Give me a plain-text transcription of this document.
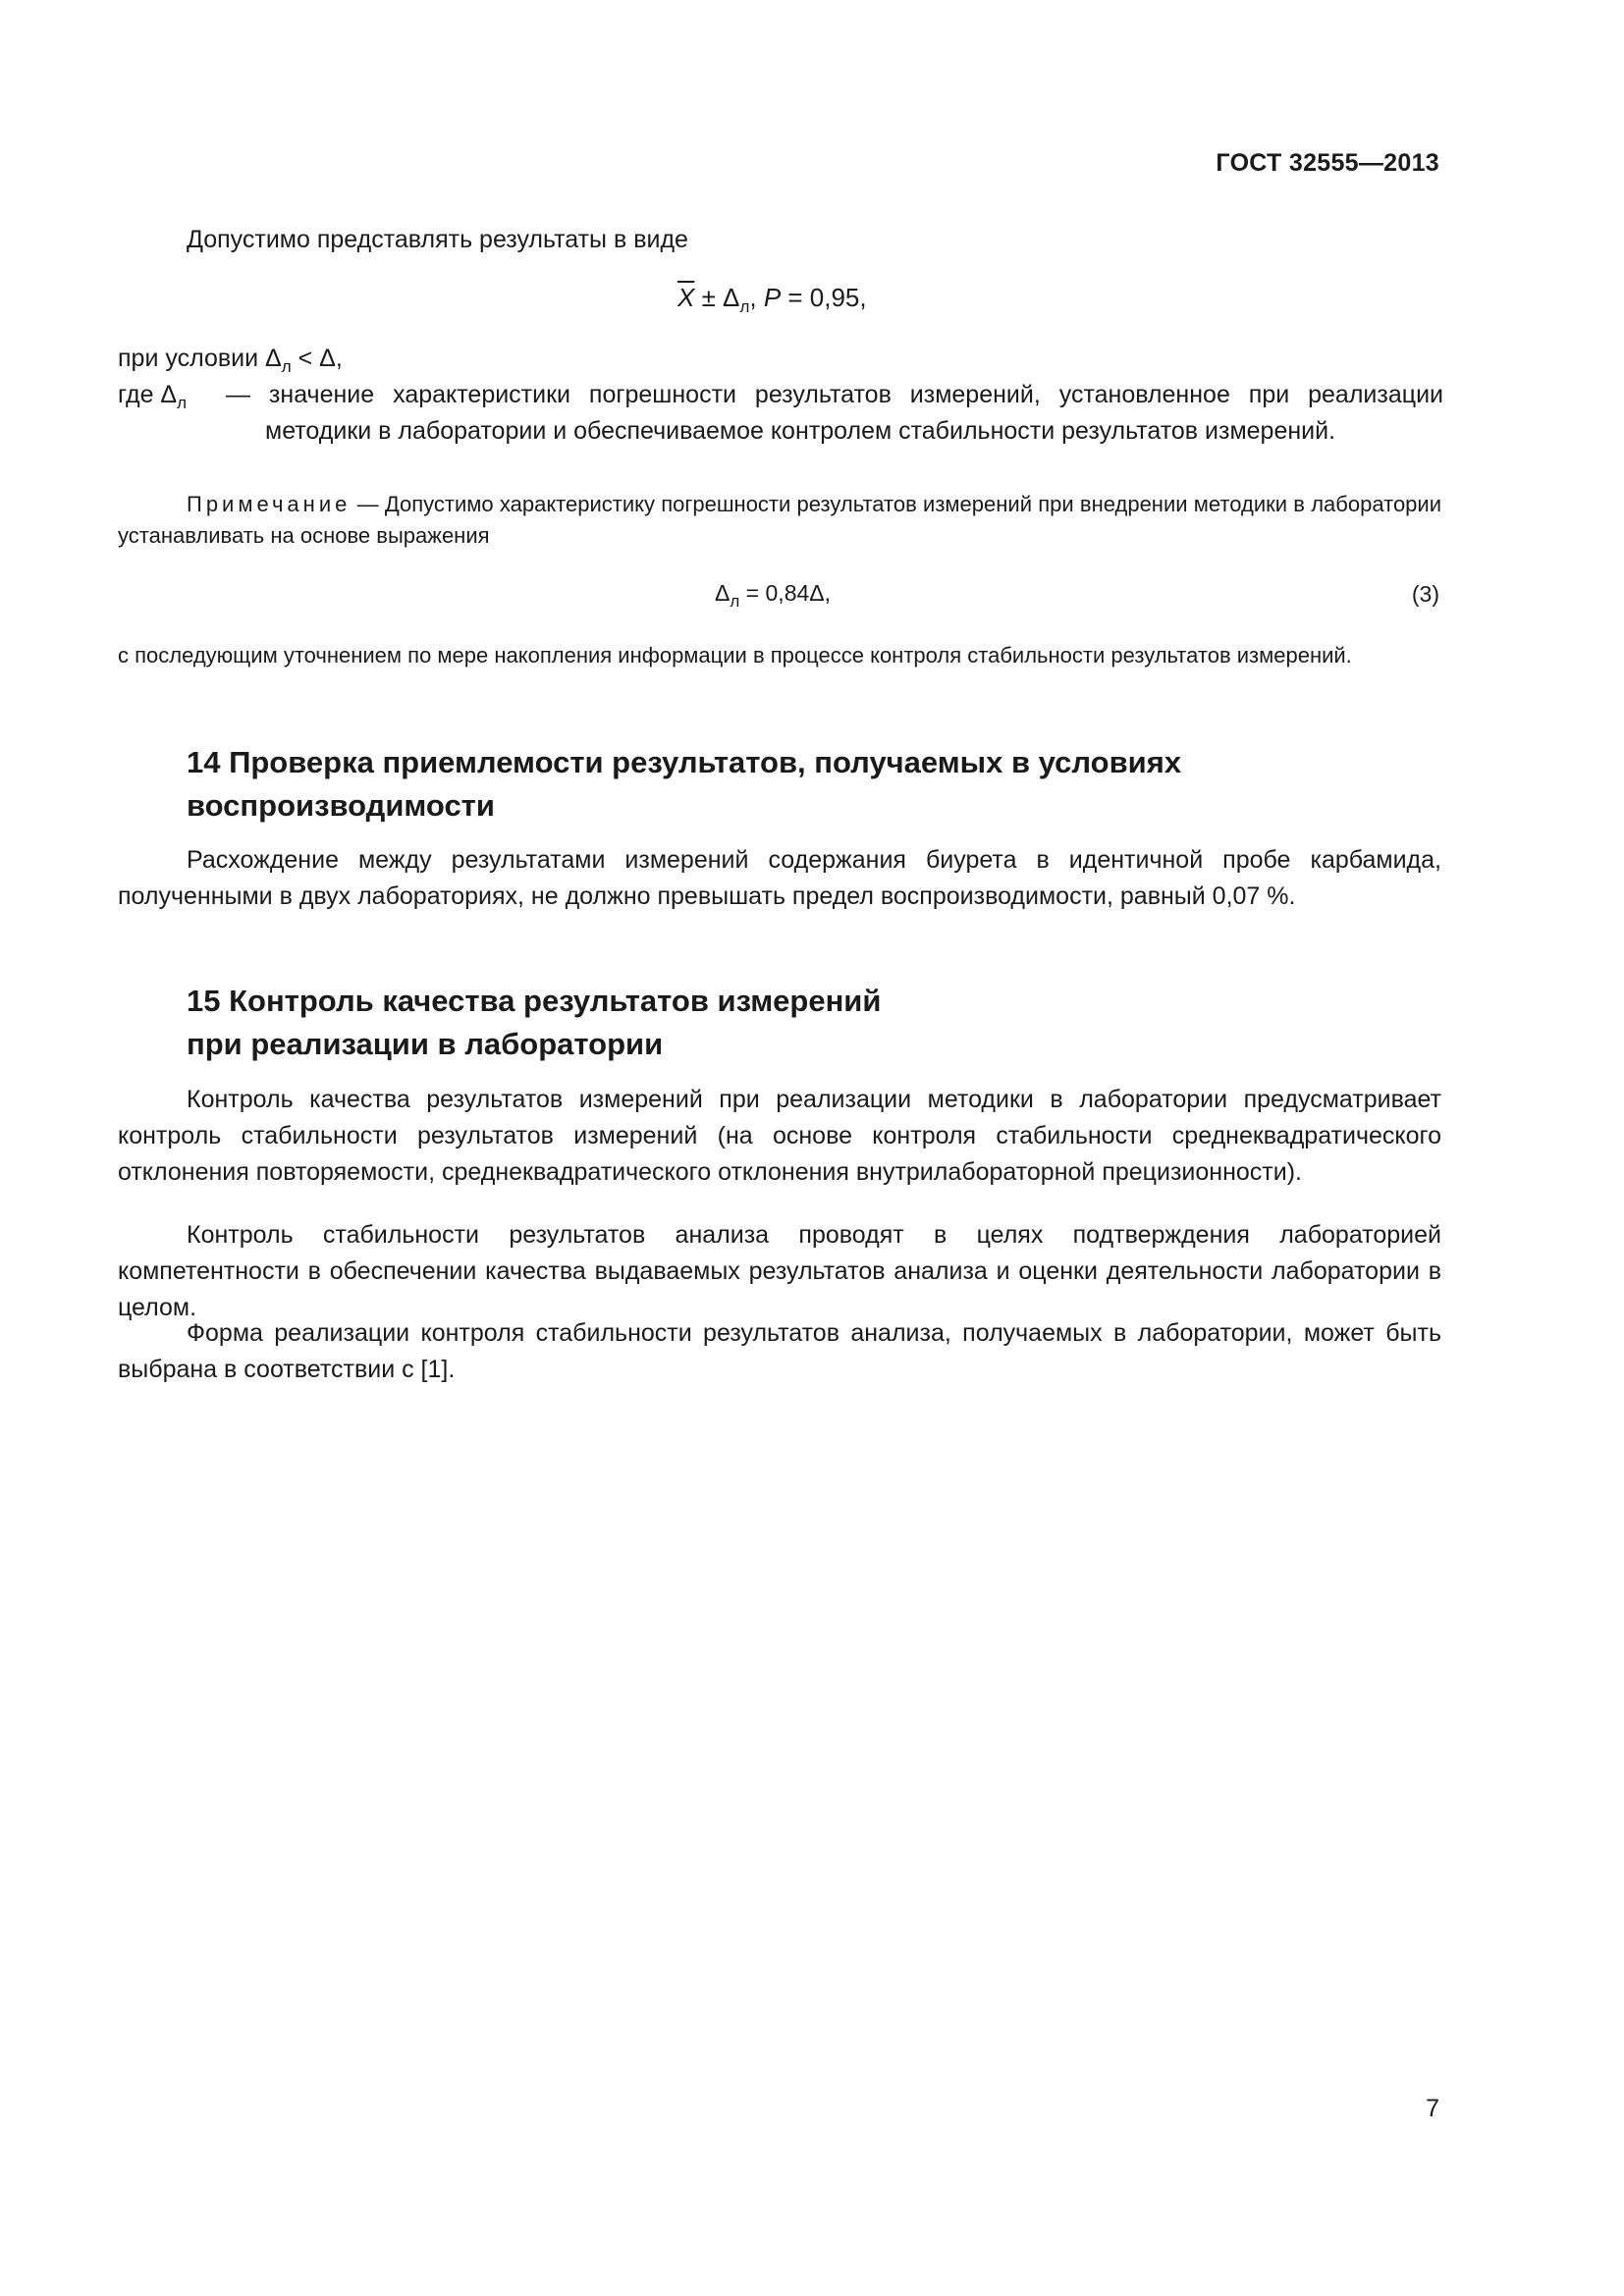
ГОСТ 32555—2013
Допустимо представлять результаты в виде
$\overline{X} \pm \Delta_л$, P = 0,95,
при условии $\Delta_л < \Delta$,
где $\Delta_л$ — значение характеристики погрешности результатов измерений, установленное при реализации методики в лаборатории и обеспечиваемое контролем стабильности результатов измерений.
Примечание — Допустимо характеристику погрешности результатов измерений при внедрении методики в лаборатории устанавливать на основе выражения
$\Delta_л = 0,84\Delta$,	(3)
с последующим уточнением по мере накопления информации в процессе контроля стабильности результатов измерений.
14 Проверка приемлемости результатов, получаемых в условиях воспроизводимости
Расхождение между результатами измерений содержания биурета в идентичной пробе карбамида, полученными в двух лабораториях, не должно превышать предел воспроизводимости, равный 0,07 %.
15 Контроль качества результатов измерений
при реализации в лаборатории
Контроль качества результатов измерений при реализации методики в лаборатории предусматривает контроль стабильности результатов измерений (на основе контроля стабильности среднеквадратического отклонения повторяемости, среднеквадратического отклонения внутрилабораторной прецизионности).
Контроль стабильности результатов анализа проводят в целях подтверждения лабораторией компетентности в обеспечении качества выдаваемых результатов анализа и оценки деятельности лаборатории в целом.
Форма реализации контроля стабильности результатов анализа, получаемых в лаборатории, может быть выбрана в соответствии с [1].
7
